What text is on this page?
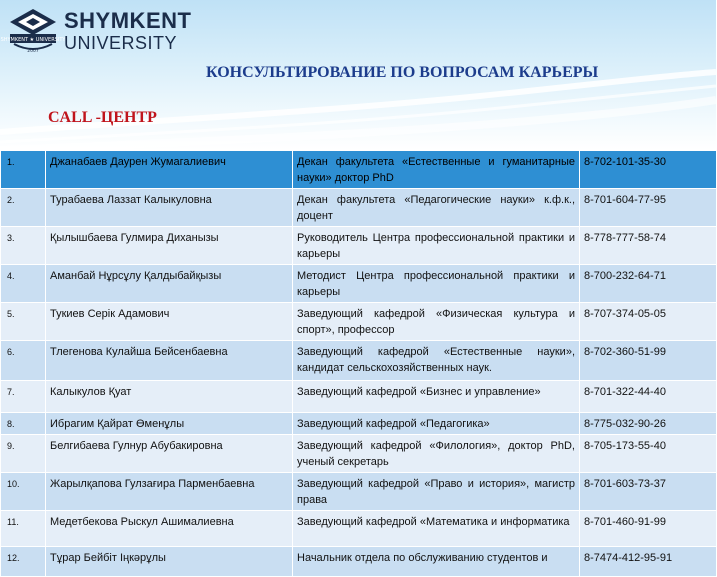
SHYMKENT ★ UNIVERSITY
2007
SHYMKENT
UNIVERSITY
КОНСУЛЬТИРОВАНИЕ ПО ВОПРОСАМ КАРЬЕРЫ
CALL -ЦЕНТР
1.	Джанабаев Даурен Жумагалиевич	Декан факультета «Естественные и гуманитарные науки» доктор PhD	8-702-101-35-30
2.	Турабаева Лаззат Калыкуловна	Декан факультета «Педагогические науки» к.ф.к., доцент	8-701-604-77-95
3.	Қылышбаева Гулмира Диханызы	Руководитель Центра профессиональной практики и карьеры	8-778-777-58-74
4.	Аманбай Нұрсұлу Қалдыбайқызы	Методист Центра профессиональной практики и карьеры	8-700-232-64-71
5.	Тукиев Серік Адамович	Заведующий кафедрой «Физическая культура и спорт», профессор	8-707-374-05-05
6.	Тлегенова Кулайша Бейсенбаевна	Заведующий кафедрой «Естественные науки», кандидат сельскохозяйственных наук.	8-702-360-51-99
7.	Калыкулов Қуат	Заведующий кафедрой «Бизнес и управление»	8-701-322-44-40
8.	Ибрагим Қайрат Өменұлы	Заведующий кафедрой «Педагогика»	8-775-032-90-26
9.	Белгибаева Гулнур Абубакировна	Заведующий кафедрой «Филология», доктор PhD, ученый секретарь	8-705-173-55-40
10.	Жарылқапова Гулзағира Парменбаевна	Заведующий кафедрой «Право и история», магистр права	8-701-603-73-37
11.	Медетбекова Рыскул Ашималиевна	Заведующий кафедрой «Математика и информатика	8-701-460-91-99
12.	Тұрар Бейбіт Іңкәрұлы	Начальник отдела по обслуживанию студентов и	8-7474-412-95-91
